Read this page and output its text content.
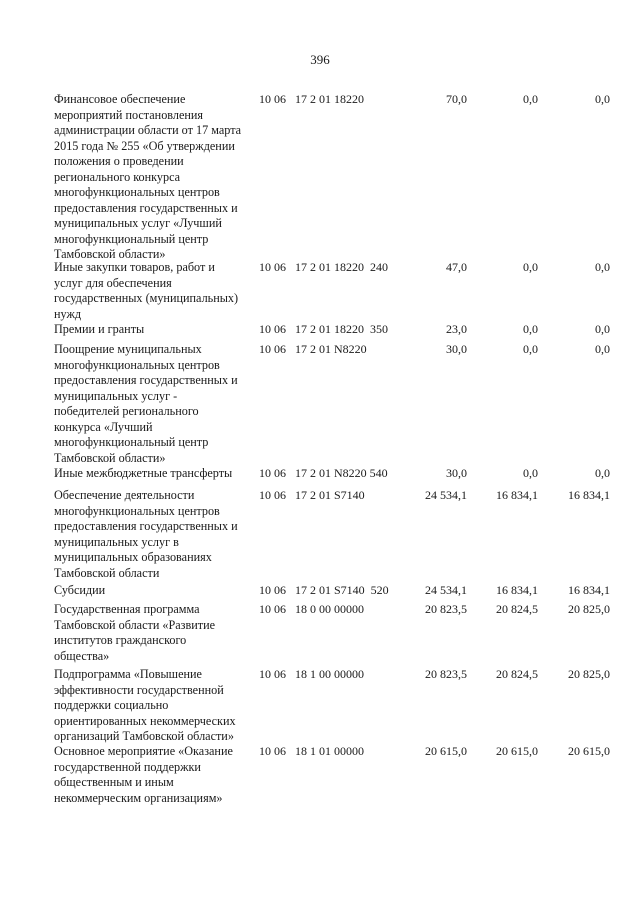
396
Финансовое обеспечение
мероприятий постановления
администрации области от 17 марта
2015 года № 255 «Об утверждении
положения о проведении
регионального конкурса
многофункциональных центров
предоставления государственных и
муниципальных услуг «Лучший
многофункциональный центр
Тамбовской области»
10 06   17 2 01 18220	70,0	0,0	0,0
Иные закупки товаров, работ и
услуг для обеспечения
государственных (муниципальных)
нужд
10 06   17 2 01 18220  240	47,0	0,0	0,0
Премии и гранты	10 06   17 2 01 18220  350	23,0	0,0	0,0
Поощрение муниципальных
многофункциональных центров
предоставления государственных и
муниципальных услуг -
победителей регионального
конкурса «Лучший
многофункциональный центр
Тамбовской области»
10 06   17 2 01 N8220	30,0	0,0	0,0
Иные межбюджетные трансферты	10 06   17 2 01 N8220 540	30,0	0,0	0,0
Обеспечение деятельности
многофункциональных центров
предоставления государственных и
муниципальных услуг в
муниципальных образованиях
Тамбовской области
10 06   17 2 01 S7140	24 534,1	16 834,1	16 834,1
Субсидии	10 06   17 2 01 S7140  520	24 534,1	16 834,1	16 834,1
Государственная программа
Тамбовской области «Развитие
институтов гражданского
общества»
10 06   18 0 00 00000	20 823,5	20 824,5	20 825,0
Подпрограмма «Повышение
эффективности государственной
поддержки социально
ориентированных некоммерческих
организаций Тамбовской области»
10 06   18 1 00 00000	20 823,5	20 824,5	20 825,0
Основное мероприятие «Оказание
государственной поддержки
общественным и иным
некоммерческим организациям»
10 06   18 1 01 00000	20 615,0	20 615,0	20 615,0
